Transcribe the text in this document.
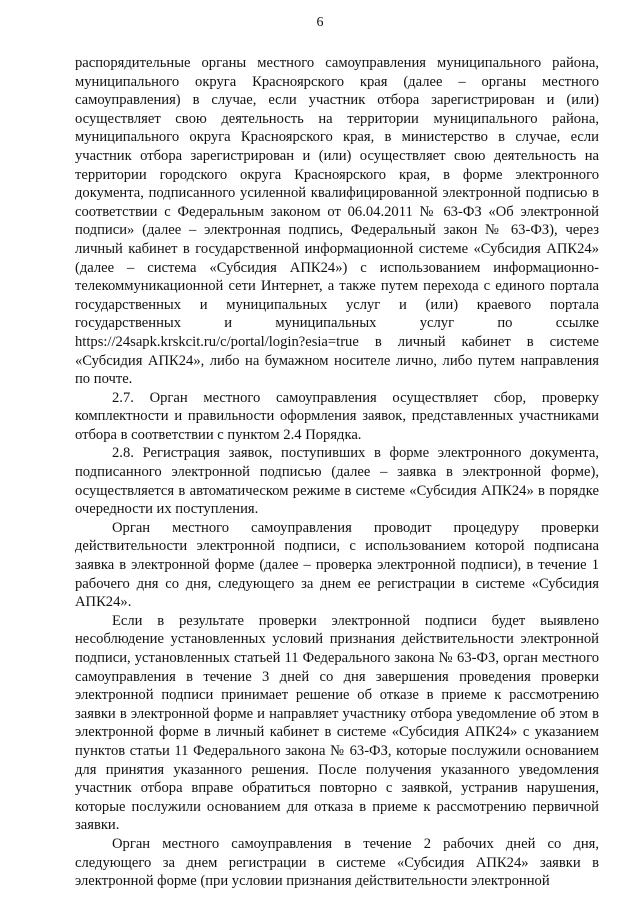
6

распорядительные органы местного самоуправления муниципального района, муниципального округа Красноярского края (далее – органы местного самоуправления) в случае, если участник отбора зарегистрирован и (или) осуществляет свою деятельность на территории муниципального района, муниципального округа Красноярского края, в министерство в случае, если участник отбора зарегистрирован и (или) осуществляет свою деятельность на территории городского округа Красноярского края, в форме электронного документа, подписанного усиленной квалифицированной электронной подписью в соответствии с Федеральным законом от 06.04.2011 № 63-ФЗ «Об электронной подписи» (далее – электронная подпись, Федеральный закон № 63-ФЗ), через личный кабинет в государственной информационной системе «Субсидия АПК24» (далее – система «Субсидия АПК24») с использованием информационно-телекоммуникационной сети Интернет, а также путем перехода с единого портала государственных и муниципальных услуг и (или) краевого портала государственных и муниципальных услуг по ссылке https://24sapk.krskcit.ru/c/portal/login?esia=true в личный кабинет в системе «Субсидия АПК24», либо на бумажном носителе лично, либо путем направления по почте.

2.7. Орган местного самоуправления осуществляет сбор, проверку комплектности и правильности оформления заявок, представленных участниками отбора в соответствии с пунктом 2.4 Порядка.

2.8. Регистрация заявок, поступивших в форме электронного документа, подписанного электронной подписью (далее – заявка в электронной форме), осуществляется в автоматическом режиме в системе «Субсидия АПК24» в порядке очередности их поступления.

Орган местного самоуправления проводит процедуру проверки действительности электронной подписи, с использованием которой подписана заявка в электронной форме (далее – проверка электронной подписи), в течение 1 рабочего дня со дня, следующего за днем ее регистрации в системе «Субсидия АПК24».

Если в результате проверки электронной подписи будет выявлено несоблюдение установленных условий признания действительности электронной подписи, установленных статьей 11 Федерального закона № 63-ФЗ, орган местного самоуправления в течение 3 дней со дня завершения проведения проверки электронной подписи принимает решение об отказе в приеме к рассмотрению заявки в электронной форме и направляет участнику отбора уведомление об этом в электронной форме в личный кабинет в системе «Субсидия АПК24» с указанием пунктов статьи 11 Федерального закона № 63-ФЗ, которые послужили основанием для принятия указанного решения. После получения указанного уведомления участник отбора вправе обратиться повторно с заявкой, устранив нарушения, которые послужили основанием для отказа в приеме к рассмотрению первичной заявки.

Орган местного самоуправления в течение 2 рабочих дней со дня, следующего за днем регистрации в системе «Субсидия АПК24» заявки в электронной форме (при условии признания действительности электронной
